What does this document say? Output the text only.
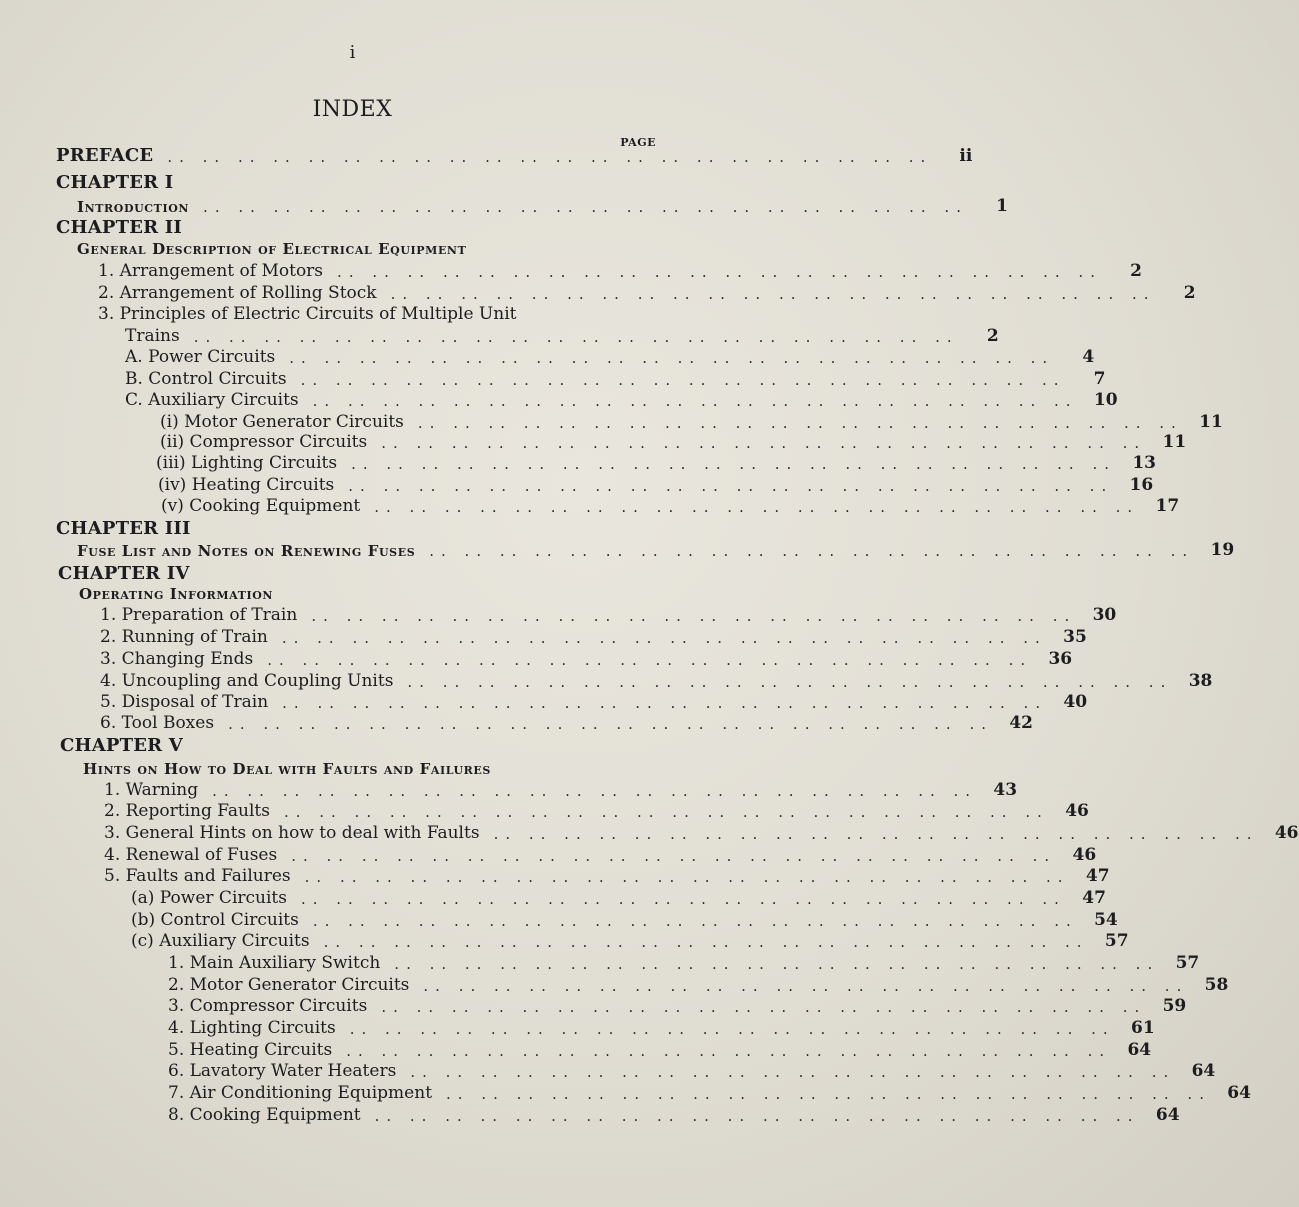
i
INDEX
PAGE
PREFACE .. .. .. .. .. .. .. .. .. .. .. .. .. .. .. .. .. .. .. .. .. ..	ii
CHAPTER I
Introduction .. .. .. .. .. .. .. .. .. .. .. .. .. .. .. .. .. .. .. .. .. ..	1
CHAPTER II
General Description of Electrical Equipment
1. Arrangement of Motors .. .. .. .. .. .. .. .. .. .. .. .. .. .. .. .. .. .. .. .. .. ..	2
2. Arrangement of Rolling Stock .. .. .. .. .. .. .. .. .. .. .. .. .. .. .. .. .. .. .. .. .. ..	2
3. Principles of Electric Circuits of Multiple Unit
Trains .. .. .. .. .. .. .. .. .. .. .. .. .. .. .. .. .. .. .. .. .. ..	2
A. Power Circuits .. .. .. .. .. .. .. .. .. .. .. .. .. .. .. .. .. .. .. .. .. ..	4
B. Control Circuits .. .. .. .. .. .. .. .. .. .. .. .. .. .. .. .. .. .. .. .. .. ..	7
C. Auxiliary Circuits .. .. .. .. .. .. .. .. .. .. .. .. .. .. .. .. .. .. .. .. .. .. 10
(i) Motor Generator Circuits .. .. .. .. .. .. .. .. .. .. .. .. .. .. .. .. .. .. .. .. .. .. 11
(ii) Compressor Circuits .. .. .. .. .. .. .. .. .. .. .. .. .. .. .. .. .. .. .. .. .. .. 11
(iii) Lighting Circuits .. .. .. .. .. .. .. .. .. .. .. .. .. .. .. .. .. .. .. .. .. .. 13
(iv) Heating Circuits .. .. .. .. .. .. .. .. .. .. .. .. .. .. .. .. .. .. .. .. .. .. 16
(v) Cooking Equipment .. .. .. .. .. .. .. .. .. .. .. .. .. .. .. .. .. .. .. .. .. .. 17
CHAPTER III
Fuse List and Notes on Renewing Fuses .. .. .. .. .. .. .. .. .. .. .. .. .. .. .. .. .. .. .. .. .. .. 19
CHAPTER IV
Operating Information
1. Preparation of Train .. .. .. .. .. .. .. .. .. .. .. .. .. .. .. .. .. .. .. .. .. .. 30
2. Running of Train .. .. .. .. .. .. .. .. .. .. .. .. .. .. .. .. .. .. .. .. .. .. 35
3. Changing Ends .. .. .. .. .. .. .. .. .. .. .. .. .. .. .. .. .. .. .. .. .. .. 36
4. Uncoupling and Coupling Units .. .. .. .. .. .. .. .. .. .. .. .. .. .. .. .. .. .. .. .. .. .. 38
5. Disposal of Train .. .. .. .. .. .. .. .. .. .. .. .. .. .. .. .. .. .. .. .. .. .. 40
6. Tool Boxes .. .. .. .. .. .. .. .. .. .. .. .. .. .. .. .. .. .. .. .. .. .. 42
CHAPTER V
Hints on How to Deal with Faults and Failures
1. Warning .. .. .. .. .. .. .. .. .. .. .. .. .. .. .. .. .. .. .. .. .. .. 43
2. Reporting Faults .. .. .. .. .. .. .. .. .. .. .. .. .. .. .. .. .. .. .. .. .. .. 46
3. General Hints on how to deal with Faults .. .. .. .. .. .. .. .. .. .. .. .. .. .. .. .. .. .. .. .. .. .. 46
4. Renewal of Fuses .. .. .. .. .. .. .. .. .. .. .. .. .. .. .. .. .. .. .. .. .. .. 46
5. Faults and Failures .. .. .. .. .. .. .. .. .. .. .. .. .. .. .. .. .. .. .. .. .. .. 47
(a) Power Circuits .. .. .. .. .. .. .. .. .. .. .. .. .. .. .. .. .. .. .. .. .. .. 47
(b) Control Circuits .. .. .. .. .. .. .. .. .. .. .. .. .. .. .. .. .. .. .. .. .. .. 54
(c) Auxiliary Circuits .. .. .. .. .. .. .. .. .. .. .. .. .. .. .. .. .. .. .. .. .. .. 57
1. Main Auxiliary Switch .. .. .. .. .. .. .. .. .. .. .. .. .. .. .. .. .. .. .. .. .. .. 57
2. Motor Generator Circuits .. .. .. .. .. .. .. .. .. .. .. .. .. .. .. .. .. .. .. .. .. .. 58
3. Compressor Circuits .. .. .. .. .. .. .. .. .. .. .. .. .. .. .. .. .. .. .. .. .. .. 59
4. Lighting Circuits .. .. .. .. .. .. .. .. .. .. .. .. .. .. .. .. .. .. .. .. .. .. 61
5. Heating Circuits .. .. .. .. .. .. .. .. .. .. .. .. .. .. .. .. .. .. .. .. .. .. 64
6. Lavatory Water Heaters .. .. .. .. .. .. .. .. .. .. .. .. .. .. .. .. .. .. .. .. .. .. 64
7. Air Conditioning Equipment .. .. .. .. .. .. .. .. .. .. .. .. .. .. .. .. .. .. .. .. .. .. 64
8. Cooking Equipment .. .. .. .. .. .. .. .. .. .. .. .. .. .. .. .. .. .. .. .. .. .. 64
